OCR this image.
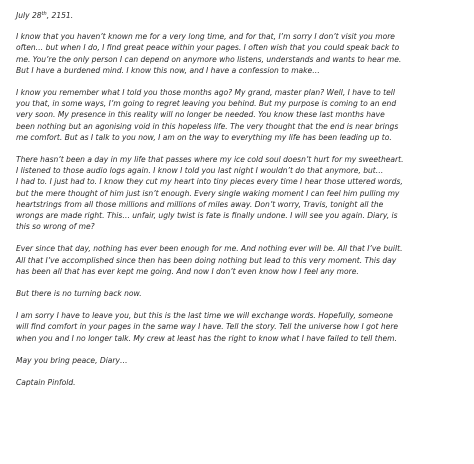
July 28th, 2151.

I know that you haven’t known me for a very long time, and for that, I’m sorry I don’t visit you more
often… but when I do, I find great peace within your pages. I often wish that you could speak back to
me. You’re the only person I can depend on anymore who listens, understands and wants to hear me.
But I have a burdened mind. I know this now, and I have a confession to make…

I know you remember what I told you those months ago? My grand, master plan? Well, I have to tell
you that, in some ways, I’m going to regret leaving you behind. But my purpose is coming to an end
very soon. My presence in this reality will no longer be needed. You know these last months have
been nothing but an agonising void in this hopeless life. The very thought that the end is near brings
me comfort. But as I talk to you now, I am on the way to everything my life has been leading up to.

There hasn’t been a day in my life that passes where my ice cold soul doesn’t hurt for my sweetheart.
I listened to those audio logs again. I know I told you last night I wouldn’t do that anymore, but…
I had to. I just had to. I know they cut my heart into tiny pieces every time I hear those uttered words,
but the mere thought of him just isn’t enough. Every single waking moment I can feel him pulling my
heartstrings from all those millions and millions of miles away. Don’t worry, Travis, tonight all the
wrongs are made right. This… unfair, ugly twist is fate is finally undone. I will see you again. Diary, is
this so wrong of me?

Ever since that day, nothing has ever been enough for me. And nothing ever will be. All that I’ve built.
All that I’ve accomplished since then has been doing nothing but lead to this very moment. This day
has been all that has ever kept me going. And now I don’t even know how I feel any more.

But there is no turning back now.

I am sorry I have to leave you, but this is the last time we will exchange words. Hopefully, someone
will find comfort in your pages in the same way I have. Tell the story. Tell the universe how I got here
when you and I no longer talk. My crew at least has the right to know what I have failed to tell them.

May you bring peace, Diary…

Captain Pinfold.
